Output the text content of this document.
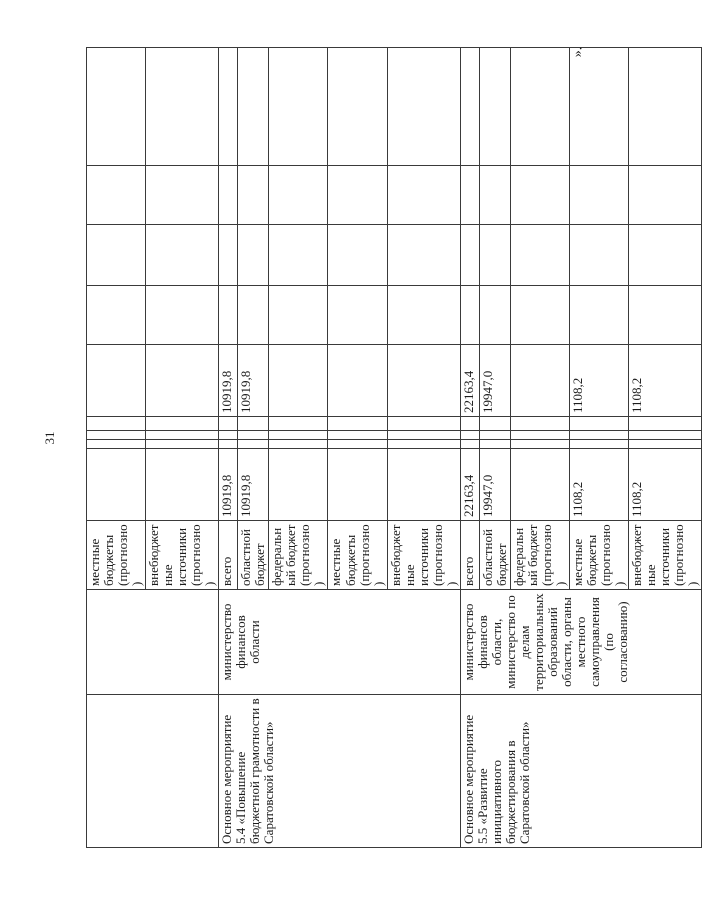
31
		местные бюджеты (прогнозно)									
		внебюджетные источники (прогнозно)									
Основное мероприятие 5.4 «Повышение бюджетной грамотности в Саратовской области»	министерство финансов области	всего	10919,8				10919,8				
		областной бюджет	10919,8				10919,8				
		федеральный бюджет (прогнозно)									
		местные бюджеты (прогнозно)									
		внебюджетные источники (прогнозно)									
Основное мероприятие 5.5 «Развитие инициативного бюджетирования в Саратовской области»	министерство финансов области, министерство по делам территориальных образований области, органы местного самоуправления (по согласованию)	всего	22163,4				22163,4				
		областной бюджет	19947,0				19947,0				
		федеральный бюджет (прогнозно)									
		местные бюджеты (прогнозно)	1108,2				1108,2				
		внебюджетные источники (прогнозно)	1108,2				1108,2				
».
